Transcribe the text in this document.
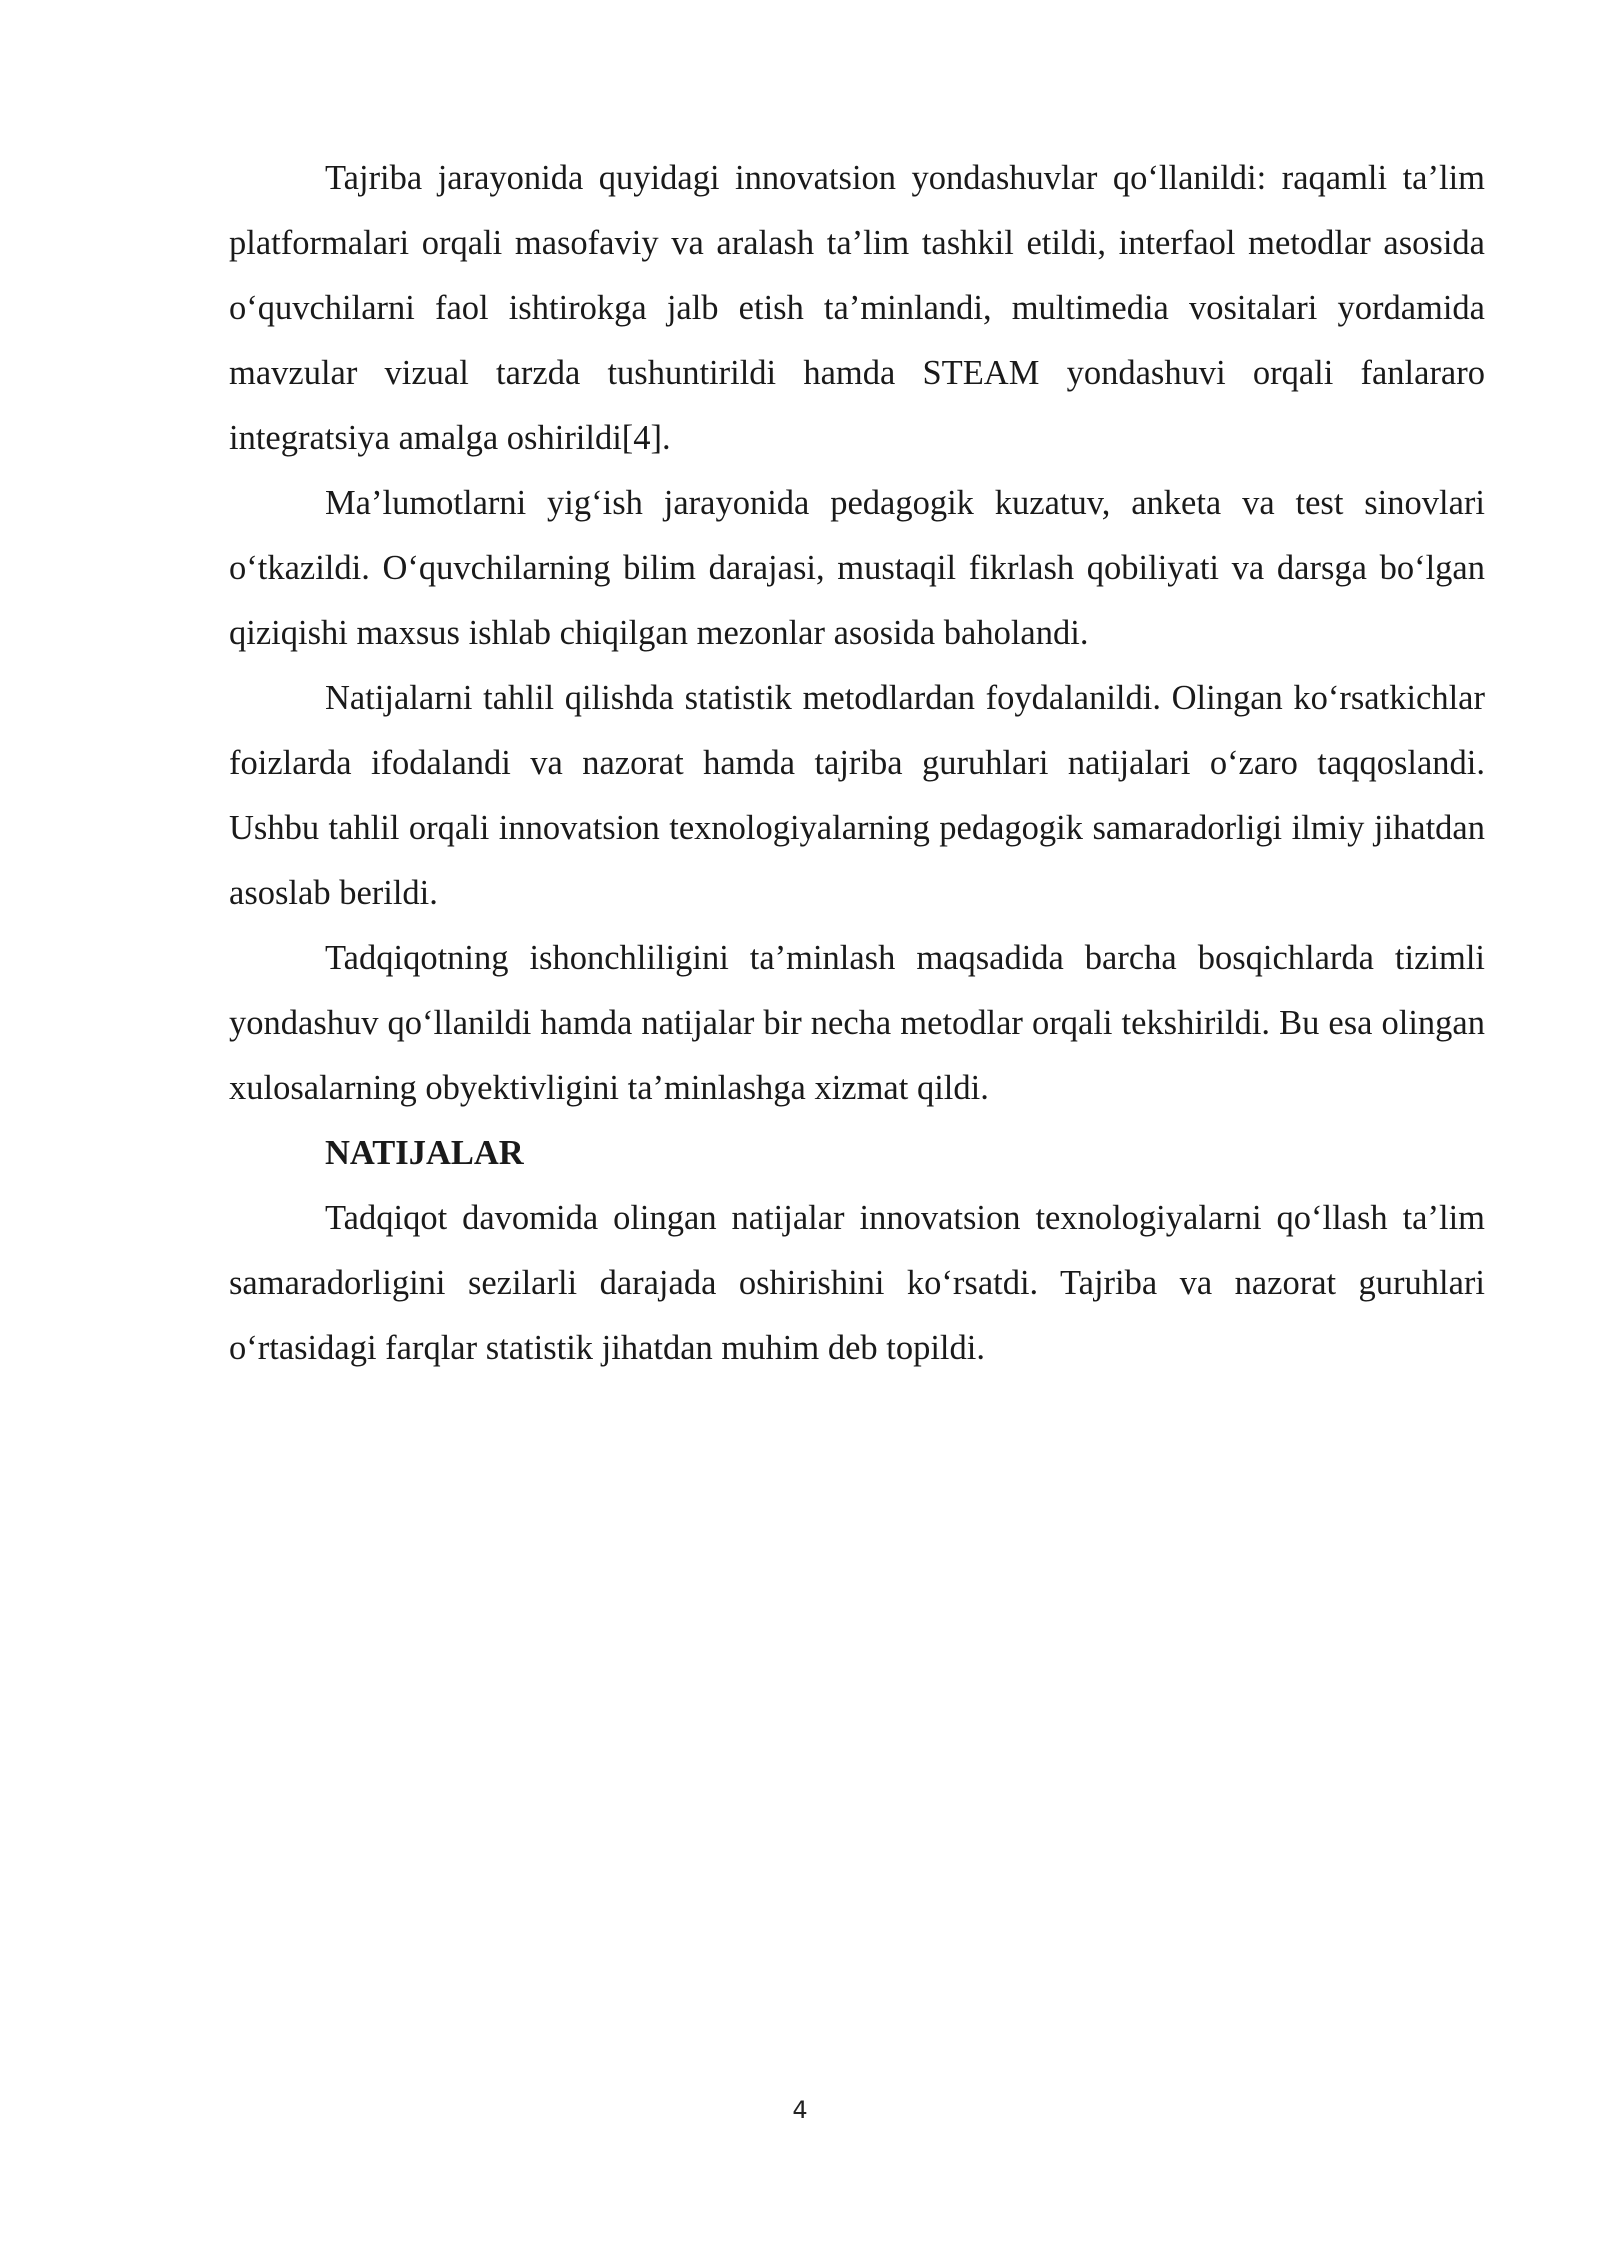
Tajriba jarayonida quyidagi innovatsion yondashuvlar qo‘llanildi: raqamli ta’lim platformalari orqali masofaviy va aralash ta’lim tashkil etildi, interfaol metodlar asosida o‘quvchilarni faol ishtirokga jalb etish ta’minlandi, multimedia vositalari yordamida mavzular vizual tarzda tushuntirildi hamda STEAM yondashuvi orqali fanlararo integratsiya amalga oshirildi[4].

Ma’lumotlarni yig‘ish jarayonida pedagogik kuzatuv, anketa va test sinovlari o‘tkazildi. O‘quvchilarning bilim darajasi, mustaqil fikrlash qobiliyati va darsga bo‘lgan qiziqishi maxsus ishlab chiqilgan mezonlar asosida baholandi.

Natijalarni tahlil qilishda statistik metodlardan foydalanildi. Olingan ko‘rsatkichlar foizlarda ifodalandi va nazorat hamda tajriba guruhlari natijalari o‘zaro taqqoslandi. Ushbu tahlil orqali innovatsion texnologiyalarning pedagogik samaradorligi ilmiy jihatdan asoslab berildi.

Tadqiqotning ishonchliligini ta’minlash maqsadida barcha bosqichlarda tizimli yondashuv qo‘llanildi hamda natijalar bir necha metodlar orqali tekshirildi. Bu esa olingan xulosalarning obyektivligini ta’minlashga xizmat qildi.

NATIJALAR

Tadqiqot davomida olingan natijalar innovatsion texnologiyalarni qo‘llash ta’lim samaradorligini sezilarli darajada oshirishini ko‘rsatdi. Tajriba va nazorat guruhlari o‘rtasidagi farqlar statistik jihatdan muhim deb topildi.

4
